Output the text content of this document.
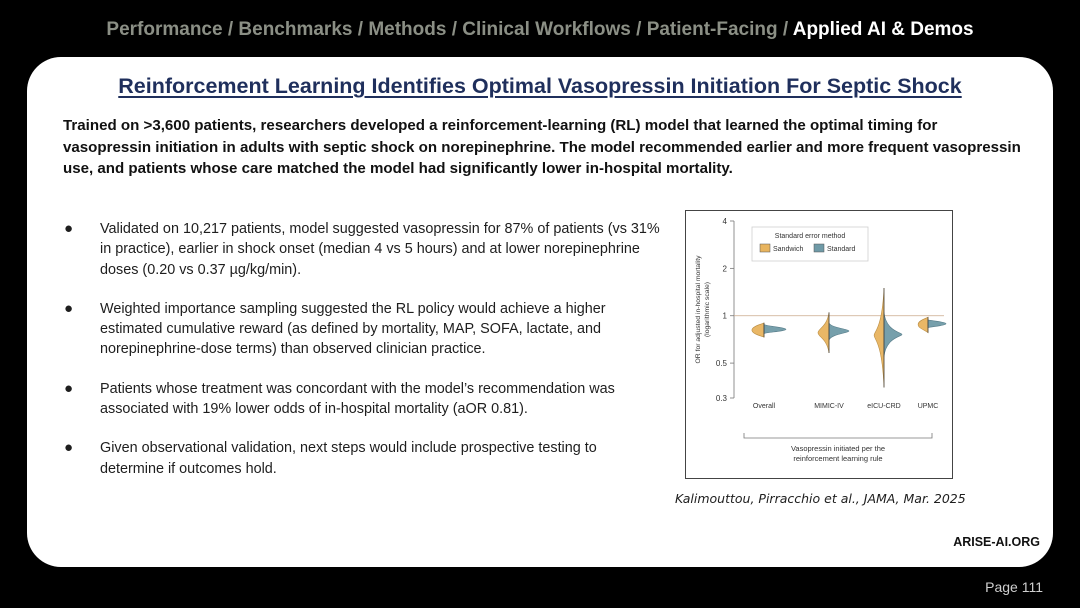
Performance / Benchmarks / Methods / Clinical Workflows / Patient-Facing / Applied AI & Demos
Reinforcement Learning Identifies Optimal Vasopressin Initiation For Septic Shock
Trained on >3,600 patients, researchers developed a reinforcement-learning (RL) model that learned the optimal timing for vasopressin initiation in adults with septic shock on norepinephrine. The model recommended earlier and more frequent vasopressin use, and patients whose care matched the model had significantly lower in-hospital mortality.
● Validated on 10,217 patients, model suggested vasopressin for 87% of patients (vs 31% in practice), earlier in shock onset (median 4 vs 5 hours) and at lower norepinephrine doses (0.20 vs 0.37 µg/kg/min).
● Weighted importance sampling suggested the RL policy would achieve a higher estimated cumulative reward (as defined by mortality, MAP, SOFA, lactate, and norepinephrine-dose terms) than observed clinician practice.
● Patients whose treatment was concordant with the model’s recommendation was associated with 19% lower odds of in-hospital mortality (aOR 0.81).
● Given observational validation, next steps would include prospective testing to determine if outcomes hold.
0.3
0.5
1
2
4
OR for adjusted in-hospital mortality (logarithmic scale)
Standard error method
Sandwich	Standard
Overall	MIMIC-IV	eICU-CRD UPMC
Vasopressin initiated per the
reinforcement learning rule
Kalimouttou, Pirracchio et al., JAMA, Mar. 2025
ARISE-AI.ORG
Page 111
